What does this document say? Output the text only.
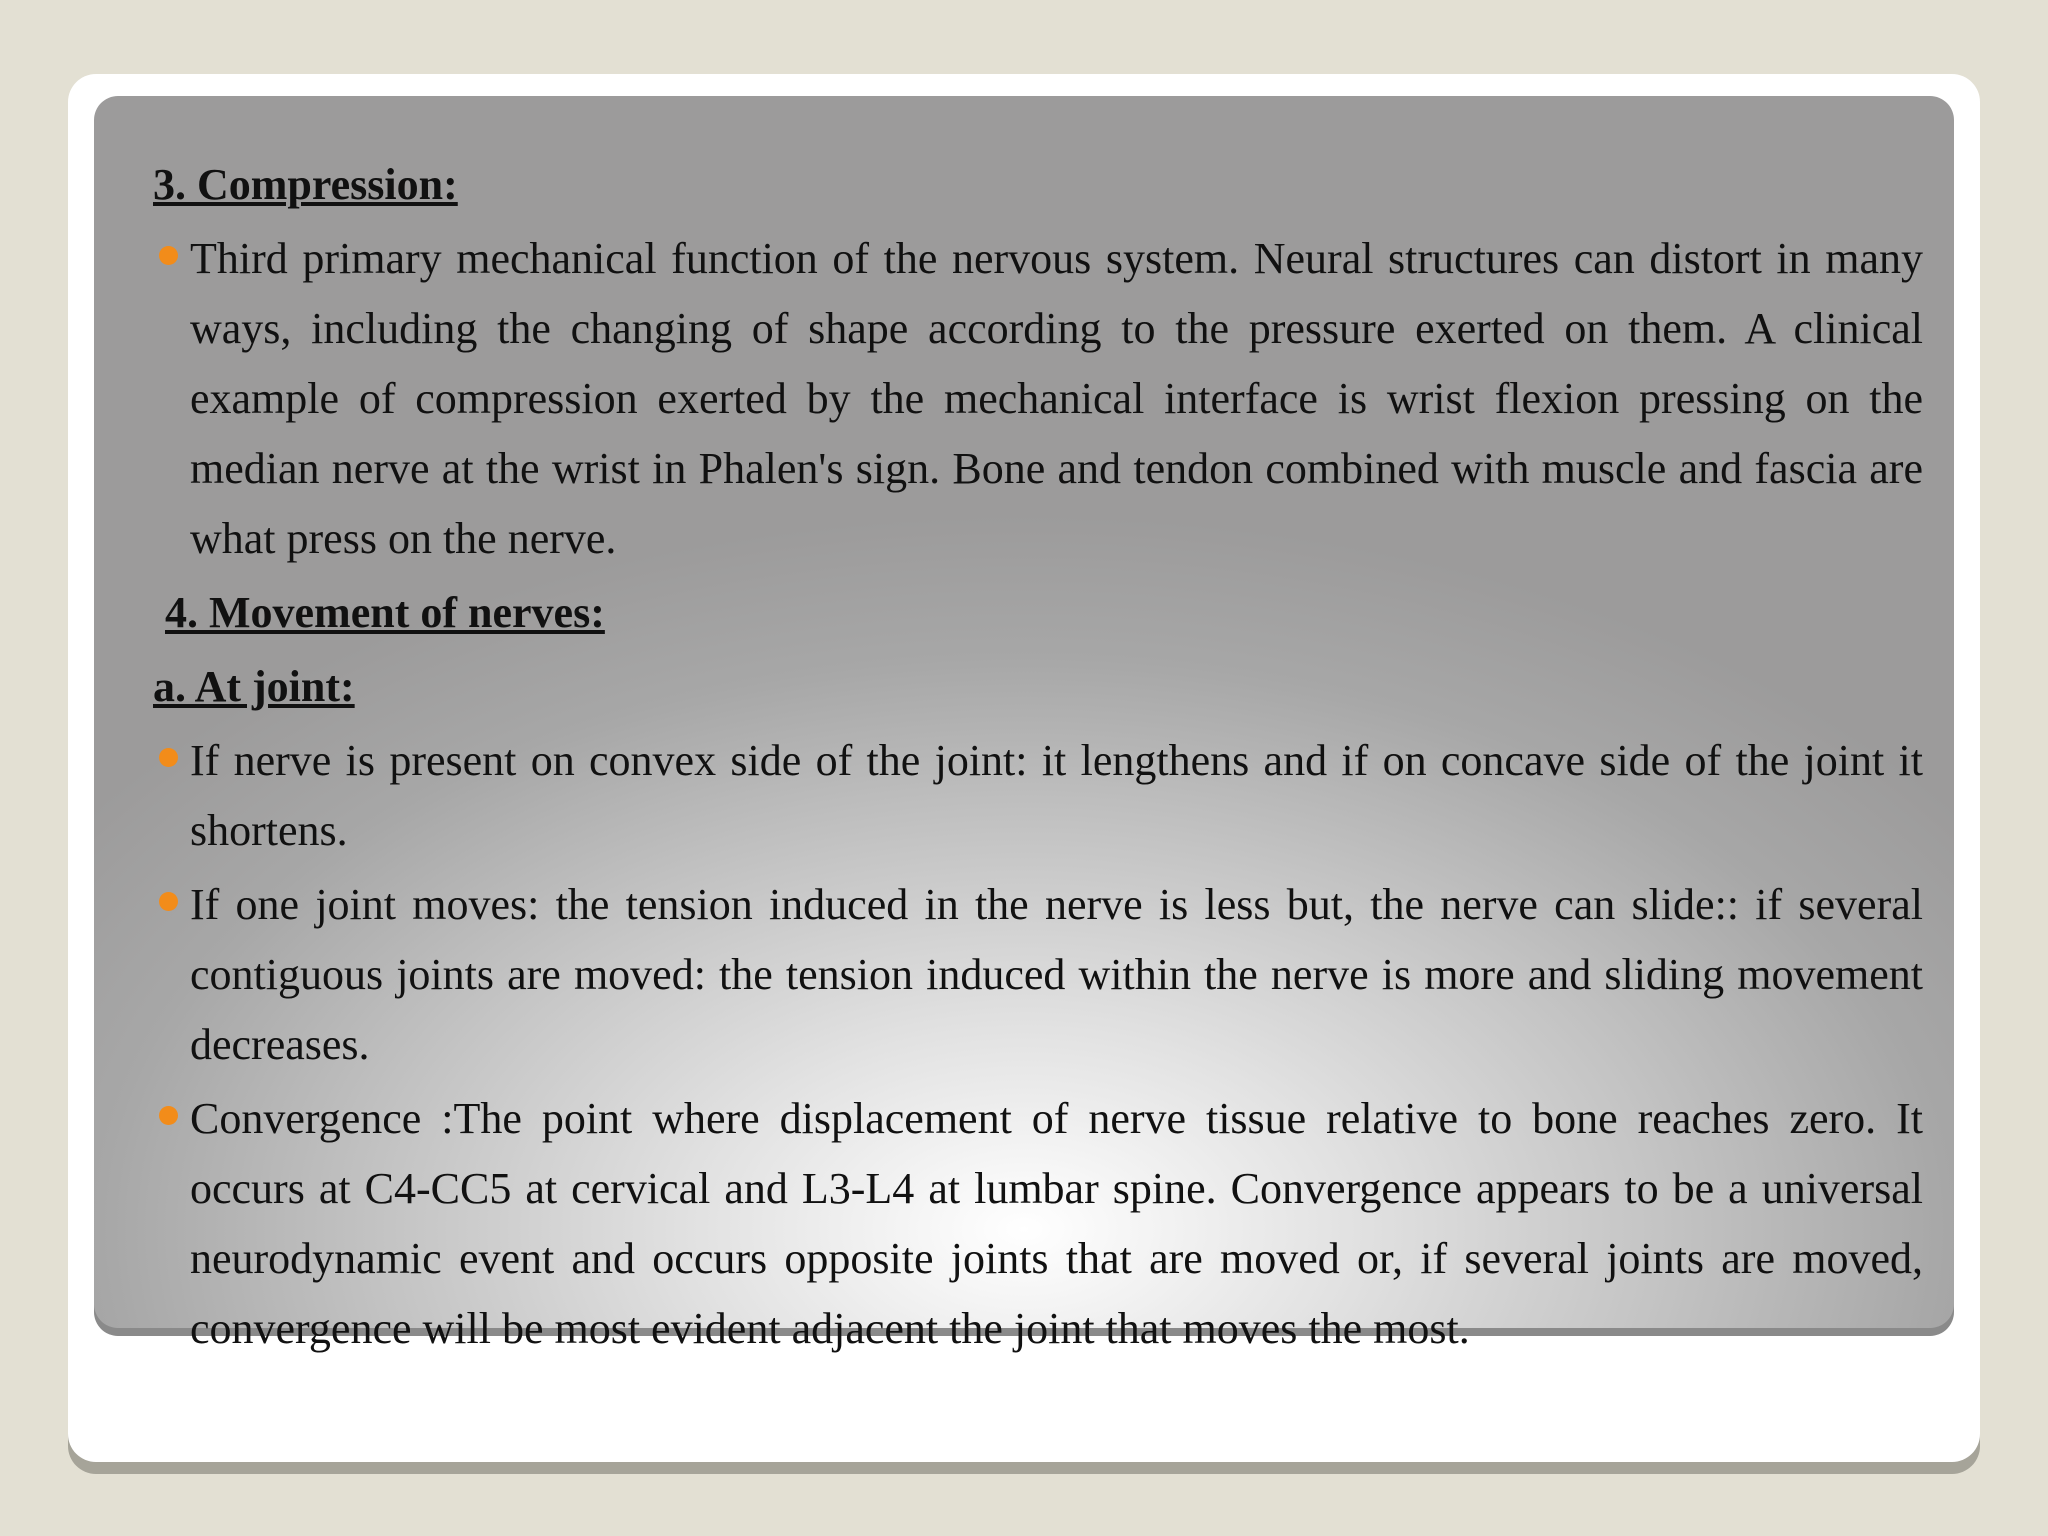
3. Compression:
Third primary mechanical function of the nervous system. Neural structures can distort in many ways, including the changing of shape according to the pressure exerted on them. A clinical example of compression exerted by the mechanical interface is wrist flexion pressing on the median nerve at the wrist in Phalen's sign. Bone and tendon combined with muscle and fascia are what press on the nerve.
4. Movement of nerves:
a. At joint:
If nerve is present on convex side of the joint: it lengthens and if on concave side of the joint it shortens.
If one joint moves: the tension induced in the nerve is less but, the nerve can slide:: if several contiguous joints are moved: the tension induced within the nerve is more and sliding movement decreases.
Convergence :The point where displacement of nerve tissue relative to bone reaches zero. It occurs at C4-CC5 at cervical and L3-L4 at lumbar spine. Convergence appears to be a universal neurodynamic event and occurs opposite joints that are moved or, if several joints are moved, convergence will be most evident adjacent the joint that moves the most.
